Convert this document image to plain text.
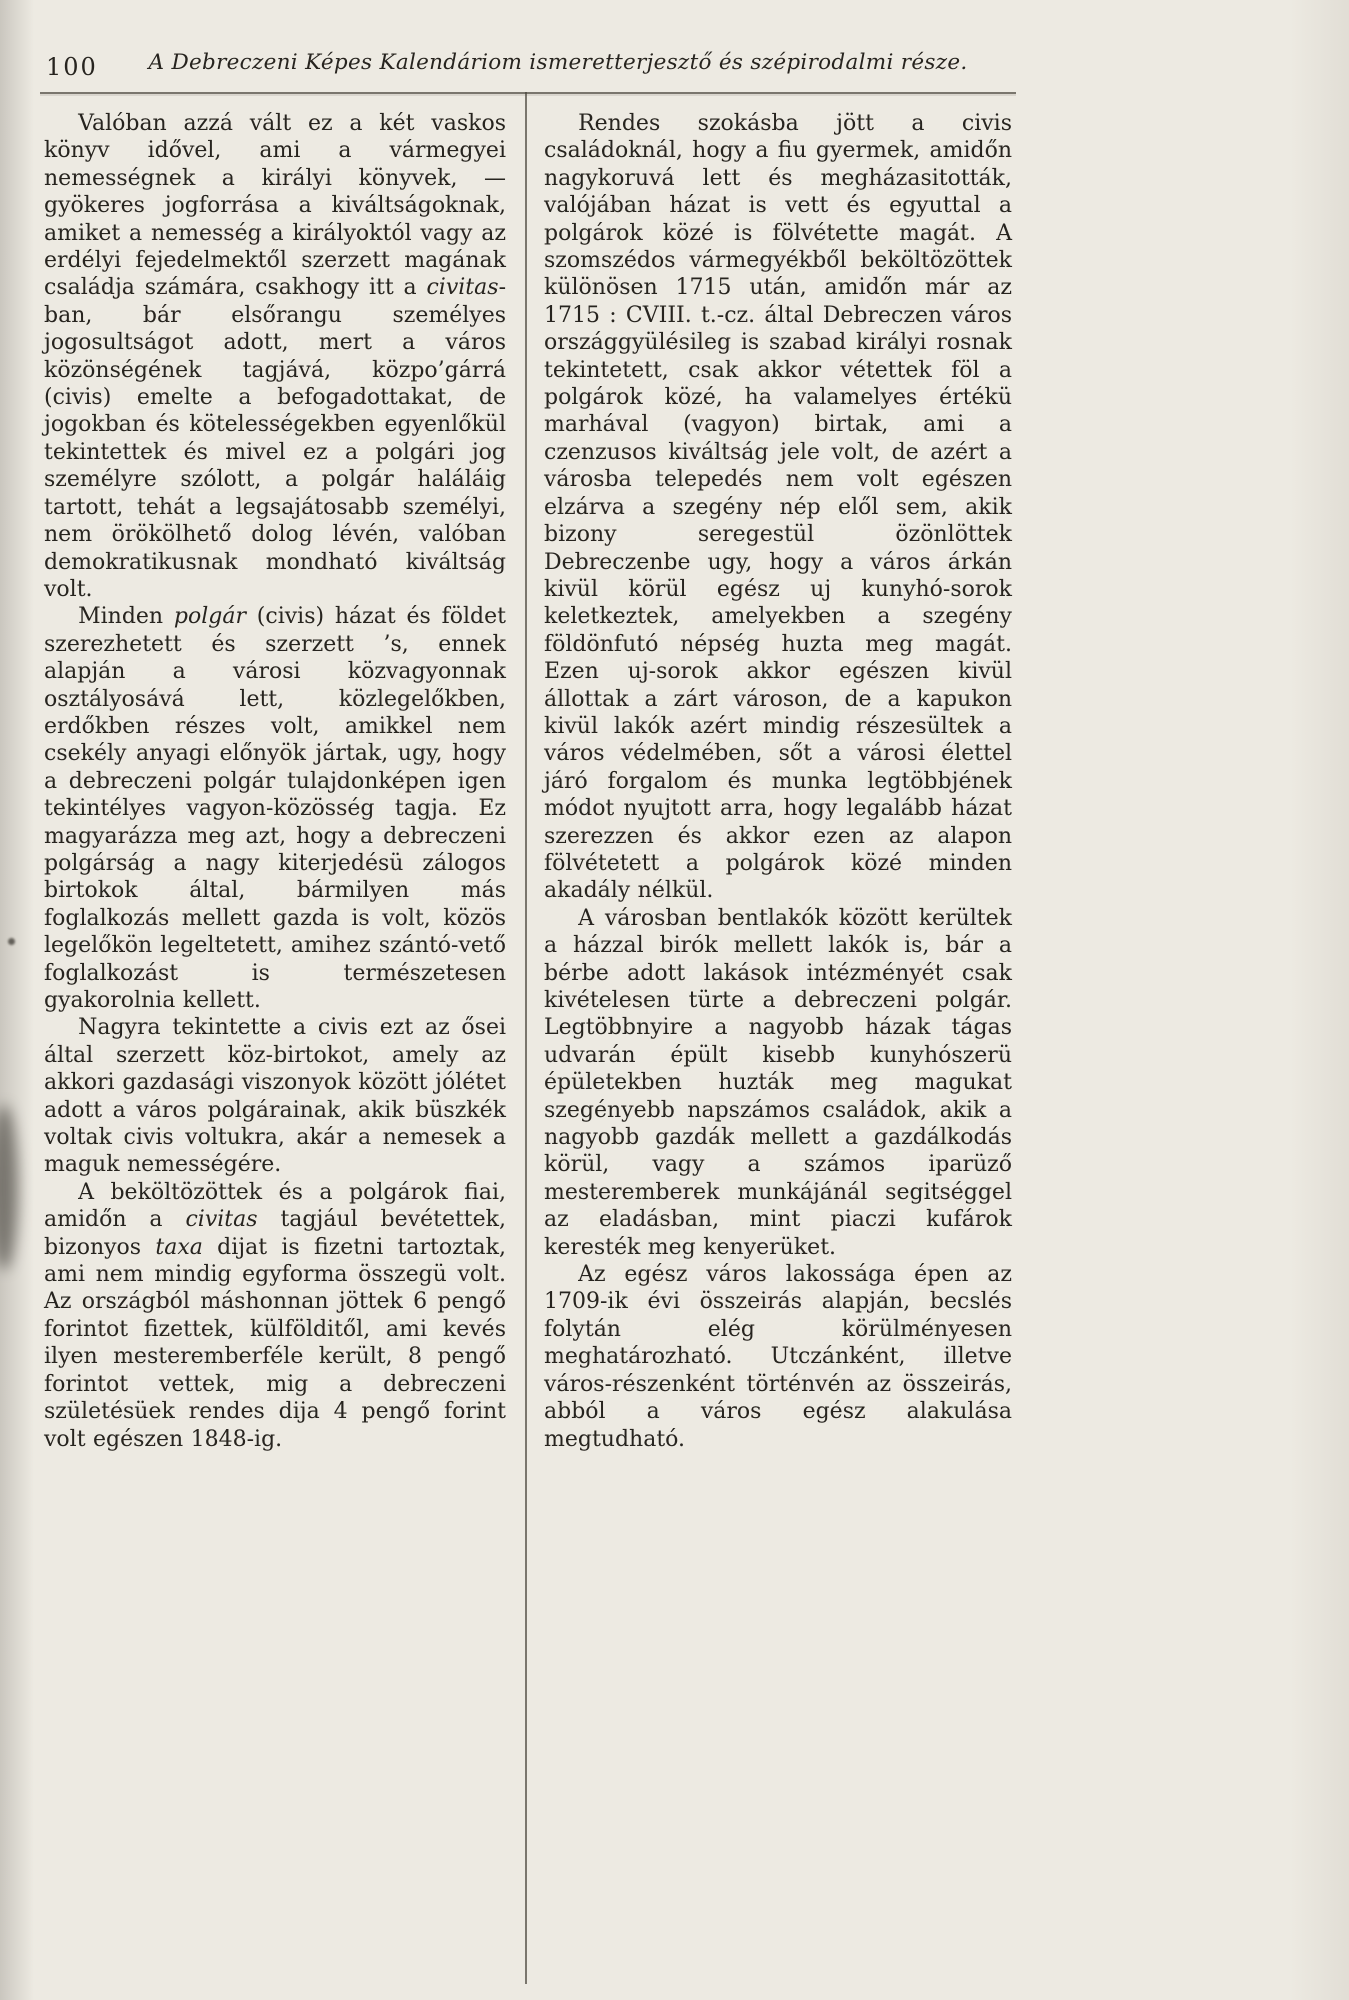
100	A Debreczeni Képes Kalendáriom ismeretterjesztő és szépirodalmi része.

Valóban azzá vált ez a két vaskos könyv idővel, ami a vármegyei nemességnek a királyi könyvek, — gyökeres jogforrása a kiváltságoknak, amiket a nemesség a királyoktól vagy az erdélyi fejedelmektől szerzett magának családja számára, csakhogy itt a civitas-ban, bár elsőrangu személyes jogosultságot adott, mert a város közönségének tagjává, közpo’gárrá (civis) emelte a befogadottakat, de jogokban és kötelességekben egyenlőkül tekintettek és mivel ez a polgári jog személyre szólott, a polgár haláláig tartott, tehát a legsajátosabb személyi, nem örökölhető dolog lévén, valóban demokratikusnak mondható kiváltság volt.

Minden polgár (civis) házat és földet szerezhetett és szerzett ’s, ennek alapján a városi közvagyonnak osztályosává lett, közlegelőkben, erdőkben részes volt, amikkel nem csekély anyagi előnyök jártak, ugy, hogy a debreczeni polgár tulajdonképen igen tekintélyes vagyon-közösség tagja. Ez magyarázza meg azt, hogy a debreczeni polgárság a nagy kiterjedésü zálogos birtokok által, bármilyen más foglalkozás mellett gazda is volt, közös legelőkön legeltetett, amihez szántó-vető foglalkozást is természetesen gyakorolnia kellett.

Nagyra tekintette a civis ezt az ősei által szerzett köz-birtokot, amely az akkori gazdasági viszonyok között jólétet adott a város polgárainak, akik büszkék voltak civis voltukra, akár a nemesek a maguk nemességére.

A beköltözöttek és a polgárok fiai, amidőn a civitas tagjául bevétettek, bizonyos taxa dijat is fizetni tartoztak, ami nem mindig egyforma összegü volt. Az országból máshonnan jöttek 6 pengő forintot fizettek, külfölditől, ami kevés ilyen mesteremberféle került, 8 pengő forintot vettek, mig a debreczeni születésüek rendes dija 4 pengő forint volt egészen 1848-ig.

Rendes szokásba jött a civis családoknál, hogy a fiu gyermek, amidőn nagykoruvá lett és megházasitották, valójában házat is vett és egyuttal a polgárok közé is fölvétette magát. A szomszédos vármegyékből beköltözöttek különösen 1715 után, amidőn már az 1715 : CVIII. t.-cz. által Debreczen város országgyülésileg is szabad királyi rosnak tekintetett, csak akkor vétettek föl a polgárok közé, ha valamelyes értékü marhával (vagyon) birtak, ami a czenzusos kiváltság jele volt, de azért a városba telepedés nem volt egészen elzárva a szegény nép elől sem, akik bizony seregestül özönlöttek Debreczenbe ugy, hogy a város árkán kivül körül egész uj kunyhó-sorok keletkeztek, amelyekben a szegény földönfutó népség huzta meg magát. Ezen uj-sorok akkor egészen kivül állottak a zárt városon, de a kapukon kivül lakók azért mindig részesültek a város védelmében, sőt a városi élettel járó forgalom és munka legtöbbjének módot nyujtott arra, hogy legalább házat szerezzen és akkor ezen az alapon fölvétetett a polgárok közé minden akadály nélkül.

A városban bentlakók között kerültek a házzal birók mellett lakók is, bár a bérbe adott lakások intézményét csak kivételesen türte a debreczeni polgár. Legtöbbnyire a nagyobb házak tágas udvarán épült kisebb kunyhószerü épületekben huzták meg magukat szegényebb napszámos családok, akik a nagyobb gazdák mellett a gazdálkodás körül, vagy a számos iparüző mesteremberek munkájánál segitséggel az eladásban, mint piaczi kufárok keresték meg kenyerüket.

Az egész város lakossága épen az 1709-ik évi összeirás alapján, becslés folytán elég körülményesen meghatározható. Utczánként, illetve város-részenként történvén az összeirás, abból a város egész alakulása megtudható.
